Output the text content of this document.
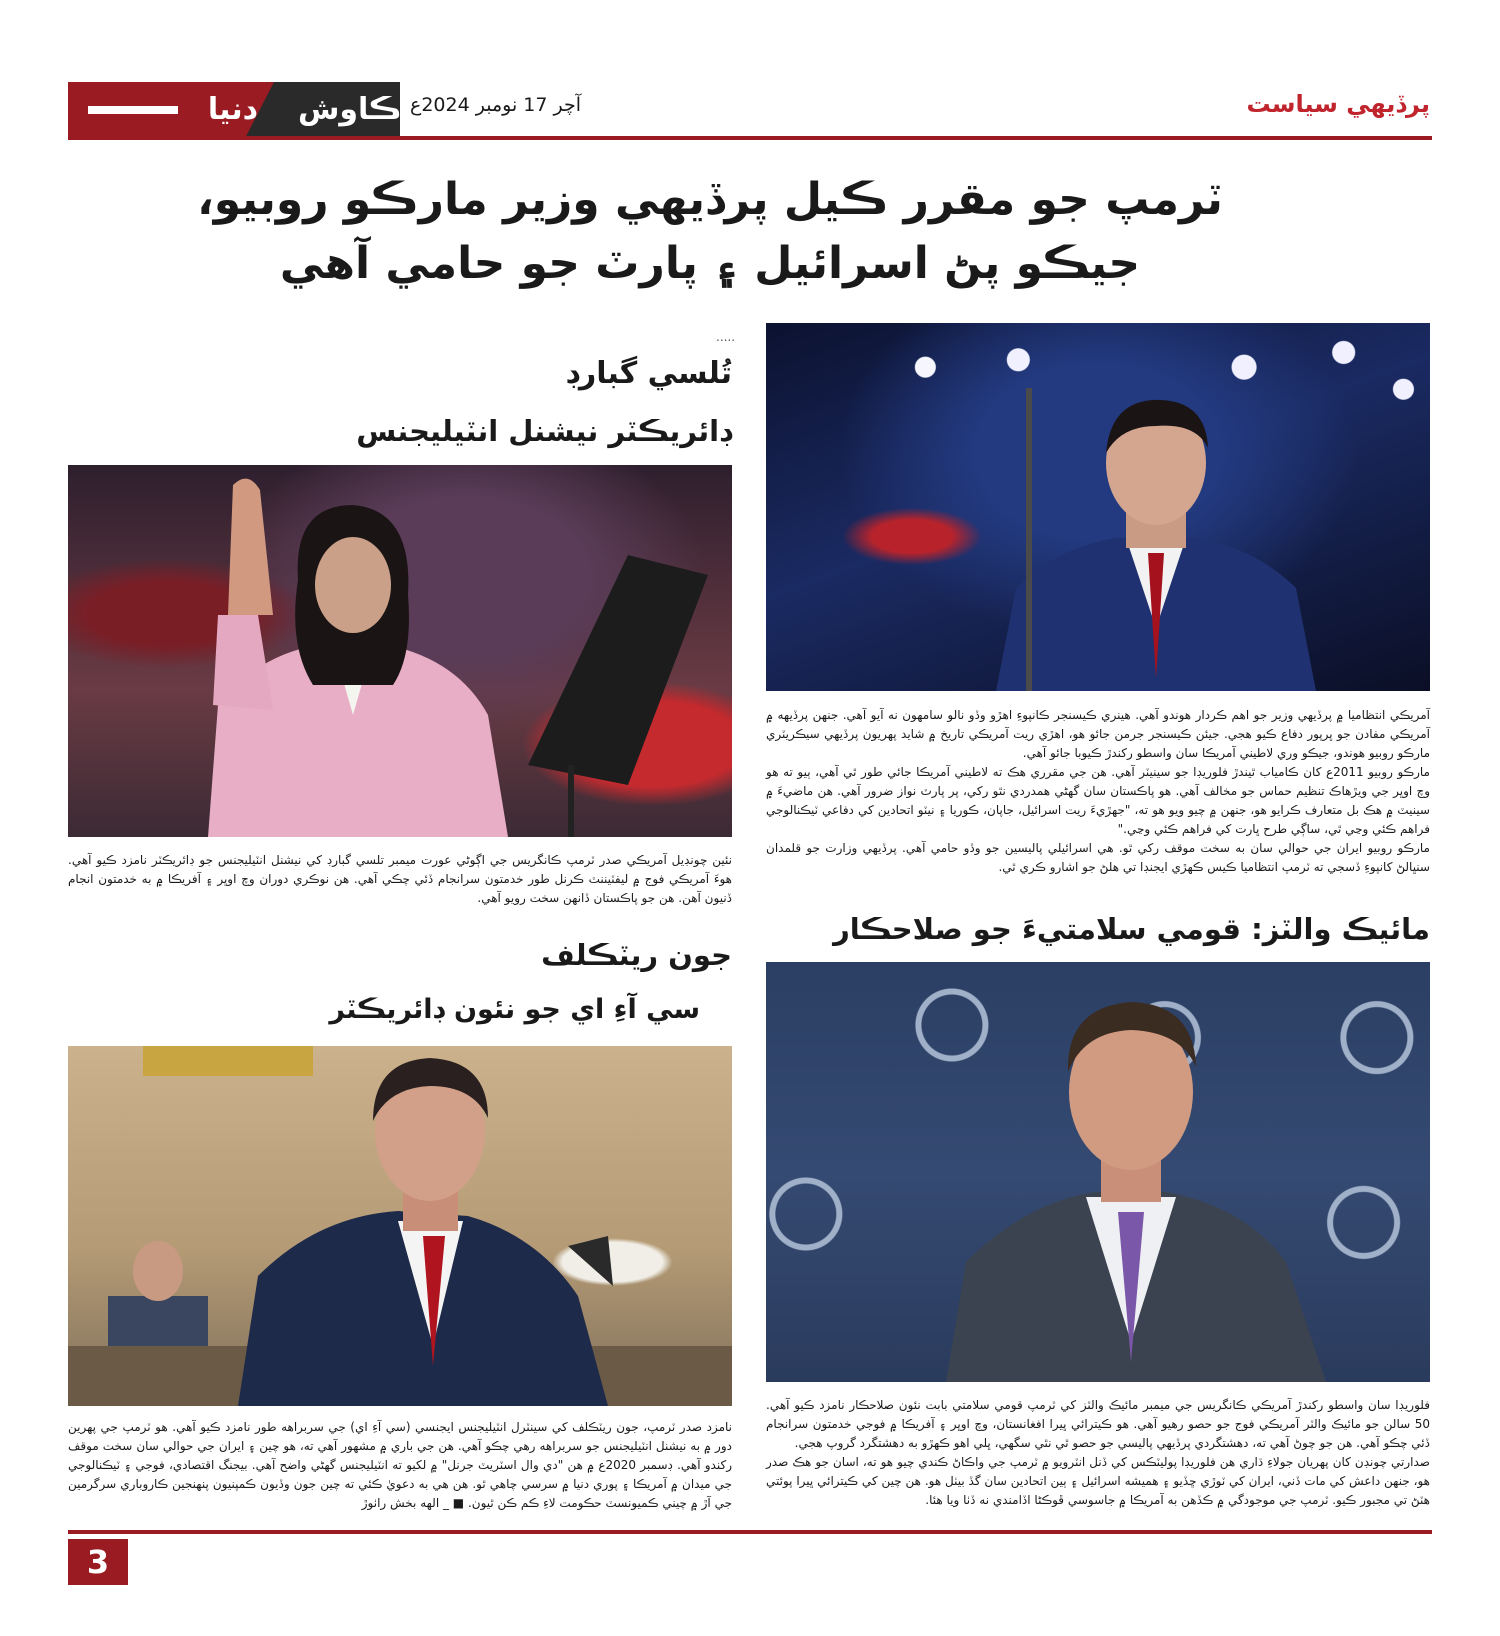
دنيا	ڪاوش آچر 17 نومبر 2024ع	پرڏيهي سياست
ٽرمپ جو مقرر ڪيل پرڏيهي وزير مارڪو روبيو،
جيڪو پڻ اسرائيل ۽ پارٽ جو حامي آهي
.....
تُلسي گبارڊ
ڊائريڪٽر نيشنل انٽيليجنس
نئين چونڊيل آمريڪي صدر ٽرمپ ڪانگريس جي اڳوڻي عورت ميمبر تلسي گبارڊ کي نيشنل انٽيليجنس جو ڊائريڪٽر نامزد ڪيو آهي. هوءَ آمريڪي فوج ۾ ليفٽيننٽ ڪرنل طور خدمتون سرانجام ڏئي چڪي آهي. هن نوڪري دوران وچ اوڀر ۽ آفريڪا ۾ به خدمتون انجام ڏنيون آهن. هن جو پاڪستان ڏانهن سخت رويو آهي.

آمريڪي انتظاميا ۾ پرڏيهي وزير جو اهم ڪردار هوندو آهي. هينري ڪيسنجر ڪانپوءِ اهڙو وڏو نالو سامهون نه آيو آهي. جنهن پرڏيهه ۾ آمريڪي مفادن جو ڀرپور دفاع ڪيو هجي. جيئن ڪيسنجر جرمن جائو هو، اهڙي ريت آمريڪي تاريخ ۾ شايد پهريون پرڏيهي سيڪريٽري مارڪو روبيو هوندو، جيڪو وري لاطيني آمريڪا سان واسطو رکندڙ ڪيوبا جائو آهي.

مارڪو روبيو 2011ع کان ڪامياب ٿيندڙ فلوريڊا جو سينيٽر آهي. هن جي مقرري هڪ ته لاطيني آمريڪا جائي طور ٿي آهي، ٻيو ته هو وچ اوڀر جي ويڙهاڪ تنظيم حماس جو مخالف آهي. هو پاڪستان سان گهڻي همدردي نٿو رکي، پر پارٽ نواز ضرور آهي. هن ماضيءَ ۾ سينيٽ ۾ هڪ بل متعارف ڪرايو هو، جنهن ۾ چيو ويو هو ته، "جهڙيءَ ريت اسرائيل، جاپان، ڪوريا ۽ نيٽو اتحادين کي دفاعي ٽيڪنالوجي فراهم ڪئي وڃي ٿي، ساڳي طرح ڀارت کي فراهم ڪئي وڃي."

مارڪو روبيو ايران جي حوالي سان به سخت موقف رکي ٿو. هي اسرائيلي پاليسين جو وڏو حامي آهي. پرڏيهي وزارت جو قلمدان سنڀالڻ کانپوءِ ڏسجي ته ٽرمپ انتظاميا ڪيس ڪهڙي ايجنڊا تي هلڻ جو اشارو ڪري ٿي.

مائيڪ والٽز: قومي سلامتيءَ جو صلاحڪار

فلوريڊا سان واسطو رکندڙ آمريڪي ڪانگريس جي ميمبر مائيڪ والٽز کي ٽرمپ قومي سلامتي بابت نئون صلاحڪار نامزد ڪيو آهي. 50 سالن جو مائيڪ والٽر آمريڪي فوج جو حصو رهيو آهي. هو ڪيترائي ڀيرا افغانستان، وچ اوڀر ۽ آفريڪا ۾ فوجي خدمتون سرانجام ڏئي چڪو آهي. هن جو چوڻ آهي ته، دهشتگردي پرڏيهي پاليسي جو حصو ٿي نٿي سگهي، ڀلي اهو ڪهڙو به دهشتگرد گروپ هجي.

صدارتي چونڊن کان پهريان جولاءِ ڌاري هن فلوريڊا پوليٽڪس کي ڏنل انٽرويو ۾ ٽرمپ جي واڪاڻ ڪندي چيو هو ته، اسان جو هڪ صدر هو، جنهن داعش کي مات ڏني، ايران کي ٽوڙي ڇڏيو ۽ هميشه اسرائيل ۽ ٻين اتحادين سان گڏ بيٺل هو. هن چين کي ڪيترائي ڀيرا پوئتي هٽڻ تي مجبور ڪيو. ٽرمپ جي موجودگي ۾ ڪڏهن به آمريڪا ۾ جاسوسي ڦوڪڻا اڏامندي نه ڏٺا ويا هئا.

جون ريٽڪلف
سي آءِ اي جو نئون ڊائريڪٽر
نامزد صدر ٽرمپ، جون ريٽڪلف کي سينٽرل انٽيليجنس ايجنسي (سي آءِ اي) جي سربراهه طور نامزد ڪيو آهي. هو ٽرمپ جي پهرين دور ۾ به نيشنل انٽيليجنس جو سربراهه رهي چڪو آهي. هن جي باري ۾ مشهور آهي ته، هو چين ۽ ايران جي حوالي سان سخت موقف رکندو آهي. ڊسمبر 2020ع ۾ هن "دي وال اسٽريٽ جرنل" ۾ لکيو ته انٽيليجنس گهڻي واضح آهي. بيجنگ اقتصادي، فوجي ۽ ٽيڪنالوجي جي ميدان ۾ آمريڪا ۽ پوري دنيا ۾ سرسي چاهي ٿو. هن هي به دعويٰ ڪئي ته چين جون وڏيون ڪمپنيون پنهنجين ڪاروباري سرگرمين جي آڙ ۾ چيني ڪميونسٽ حڪومت لاءِ ڪم ڪن ٿيون. ■ _ الهه بخش راٺوڙ
3
